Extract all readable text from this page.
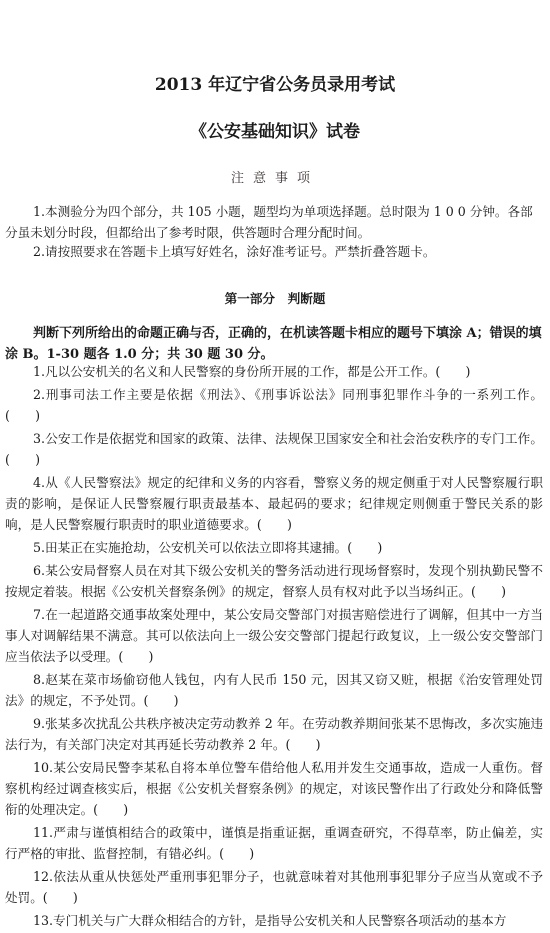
2013 年辽宁省公务员录用考试
《公安基础知识》试卷
注意事项
1.本测验分为四个部分，共 105 小题，题型均为单项选择题。总时限为 1 0 0 分钟。各部分虽未划分时段，但都给出了参考时限，供答题时合理分配时间。
2.请按照要求在答题卡上填写好姓名，涂好准考证号。严禁折叠答题卡。
第一部分　判断题
判断下列所给出的命题正确与否，正确的，在机读答题卡相应的题号下填涂 A；错误的填涂 B。1-30 题各 1.0 分；共 30 题 30 分。

1.凡以公安机关的名义和人民警察的身份所开展的工作，都是公开工作。(　　)

2.刑事司法工作主要是依据《刑法》、《刑事诉讼法》同刑事犯罪作斗争的一系列工作。(　　)

3.公安工作是依据党和国家的政策、法律、法规保卫国家安全和社会治安秩序的专门工作。(　　)

4.从《人民警察法》规定的纪律和义务的内容看，警察义务的规定侧重于对人民警察履行职责的影响，是保证人民警察履行职责最基本、最起码的要求；纪律规定则侧重于警民关系的影响，是人民警察履行职责时的职业道德要求。(　　)

5.田某正在实施抢劫，公安机关可以依法立即将其逮捕。(　　)

6.某公安局督察人员在对其下级公安机关的警务活动进行现场督察时，发现个别执勤民警不按规定着装。根据《公安机关督察条例》的规定，督察人员有权对此予以当场纠正。(　　)

7.在一起道路交通事故案处理中，某公安局交警部门对损害赔偿进行了调解，但其中一方当事人对调解结果不满意。其可以依法向上一级公安交警部门提起行政复议，上一级公安交警部门应当依法予以受理。(　　)

8.赵某在菜市场偷窃他人钱包，内有人民币 150 元，因其又窃又赃，根据《治安管理处罚法》的规定，不予处罚。(　　)

9.张某多次扰乱公共秩序被决定劳动教养 2 年。在劳动教养期间张某不思悔改，多次实施违法行为，有关部门决定对其再延长劳动教养 2 年。(　　)

10.某公安局民警李某私自将本单位警车借给他人私用并发生交通事故，造成一人重伤。督察机构经过调查核实后，根据《公安机关督察条例》的规定，对该民警作出了行政处分和降低警衔的处理决定。(　　)

11.严肃与谨慎相结合的政策中，谨慎是指重证据，重调查研究，不得草率，防止偏差，实行严格的审批、监督控制，有错必纠。(　　)

12.依法从重从快惩处严重刑事犯罪分子，也就意味着对其他刑事犯罪分子应当从宽或不予处罚。(　　)

13.专门机关与广大群众相结合的方针，是指导公安机关和人民警察各项活动的基本方
